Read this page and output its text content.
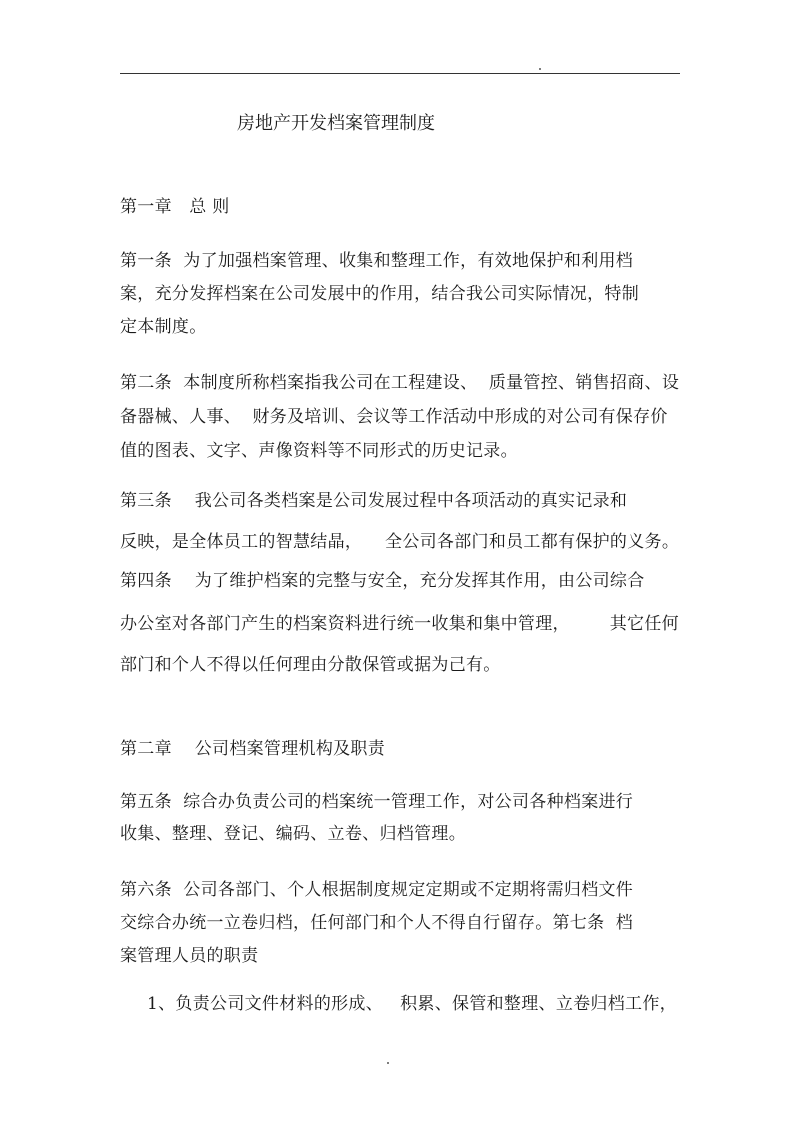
房地产开发档案管理制度
第一章　总 则
第一条  为了加强档案管理、收集和整理工作，有效地保护和利用档
案，充分发挥档案在公司发展中的作用，结合我公司实际情况，特制
定本制度。
第二条  本制度所称档案指我公司在工程建设、  质量管控、销售招商、设
备器械、人事、  财务及培训、会议等工作活动中形成的对公司有保存价
值的图表、文字、声像资料等不同形式的历史记录。
第三条    我公司各类档案是公司发展过程中各项活动的真实记录和
反映，是全体员工的智慧结晶，    全公司各部门和员工都有保护的义务。
第四条    为了维护档案的完整与安全，充分发挥其作用，由公司综合
办公室对各部门产生的档案资料进行统一收集和集中管理，       其它任何
部门和个人不得以任何理由分散保管或据为己有。
第二章    公司档案管理机构及职责
第五条  综合办负责公司的档案统一管理工作，对公司各种档案进行
收集、整理、登记、编码、立卷、归档管理。
第六条  公司各部门、个人根据制度规定定期或不定期将需归档文件
交综合办统一立卷归档，任何部门和个人不得自行留存。第七条  档
案管理人员的职责
1、负责公司文件材料的形成、   积累、保管和整理、立卷归档工作，
